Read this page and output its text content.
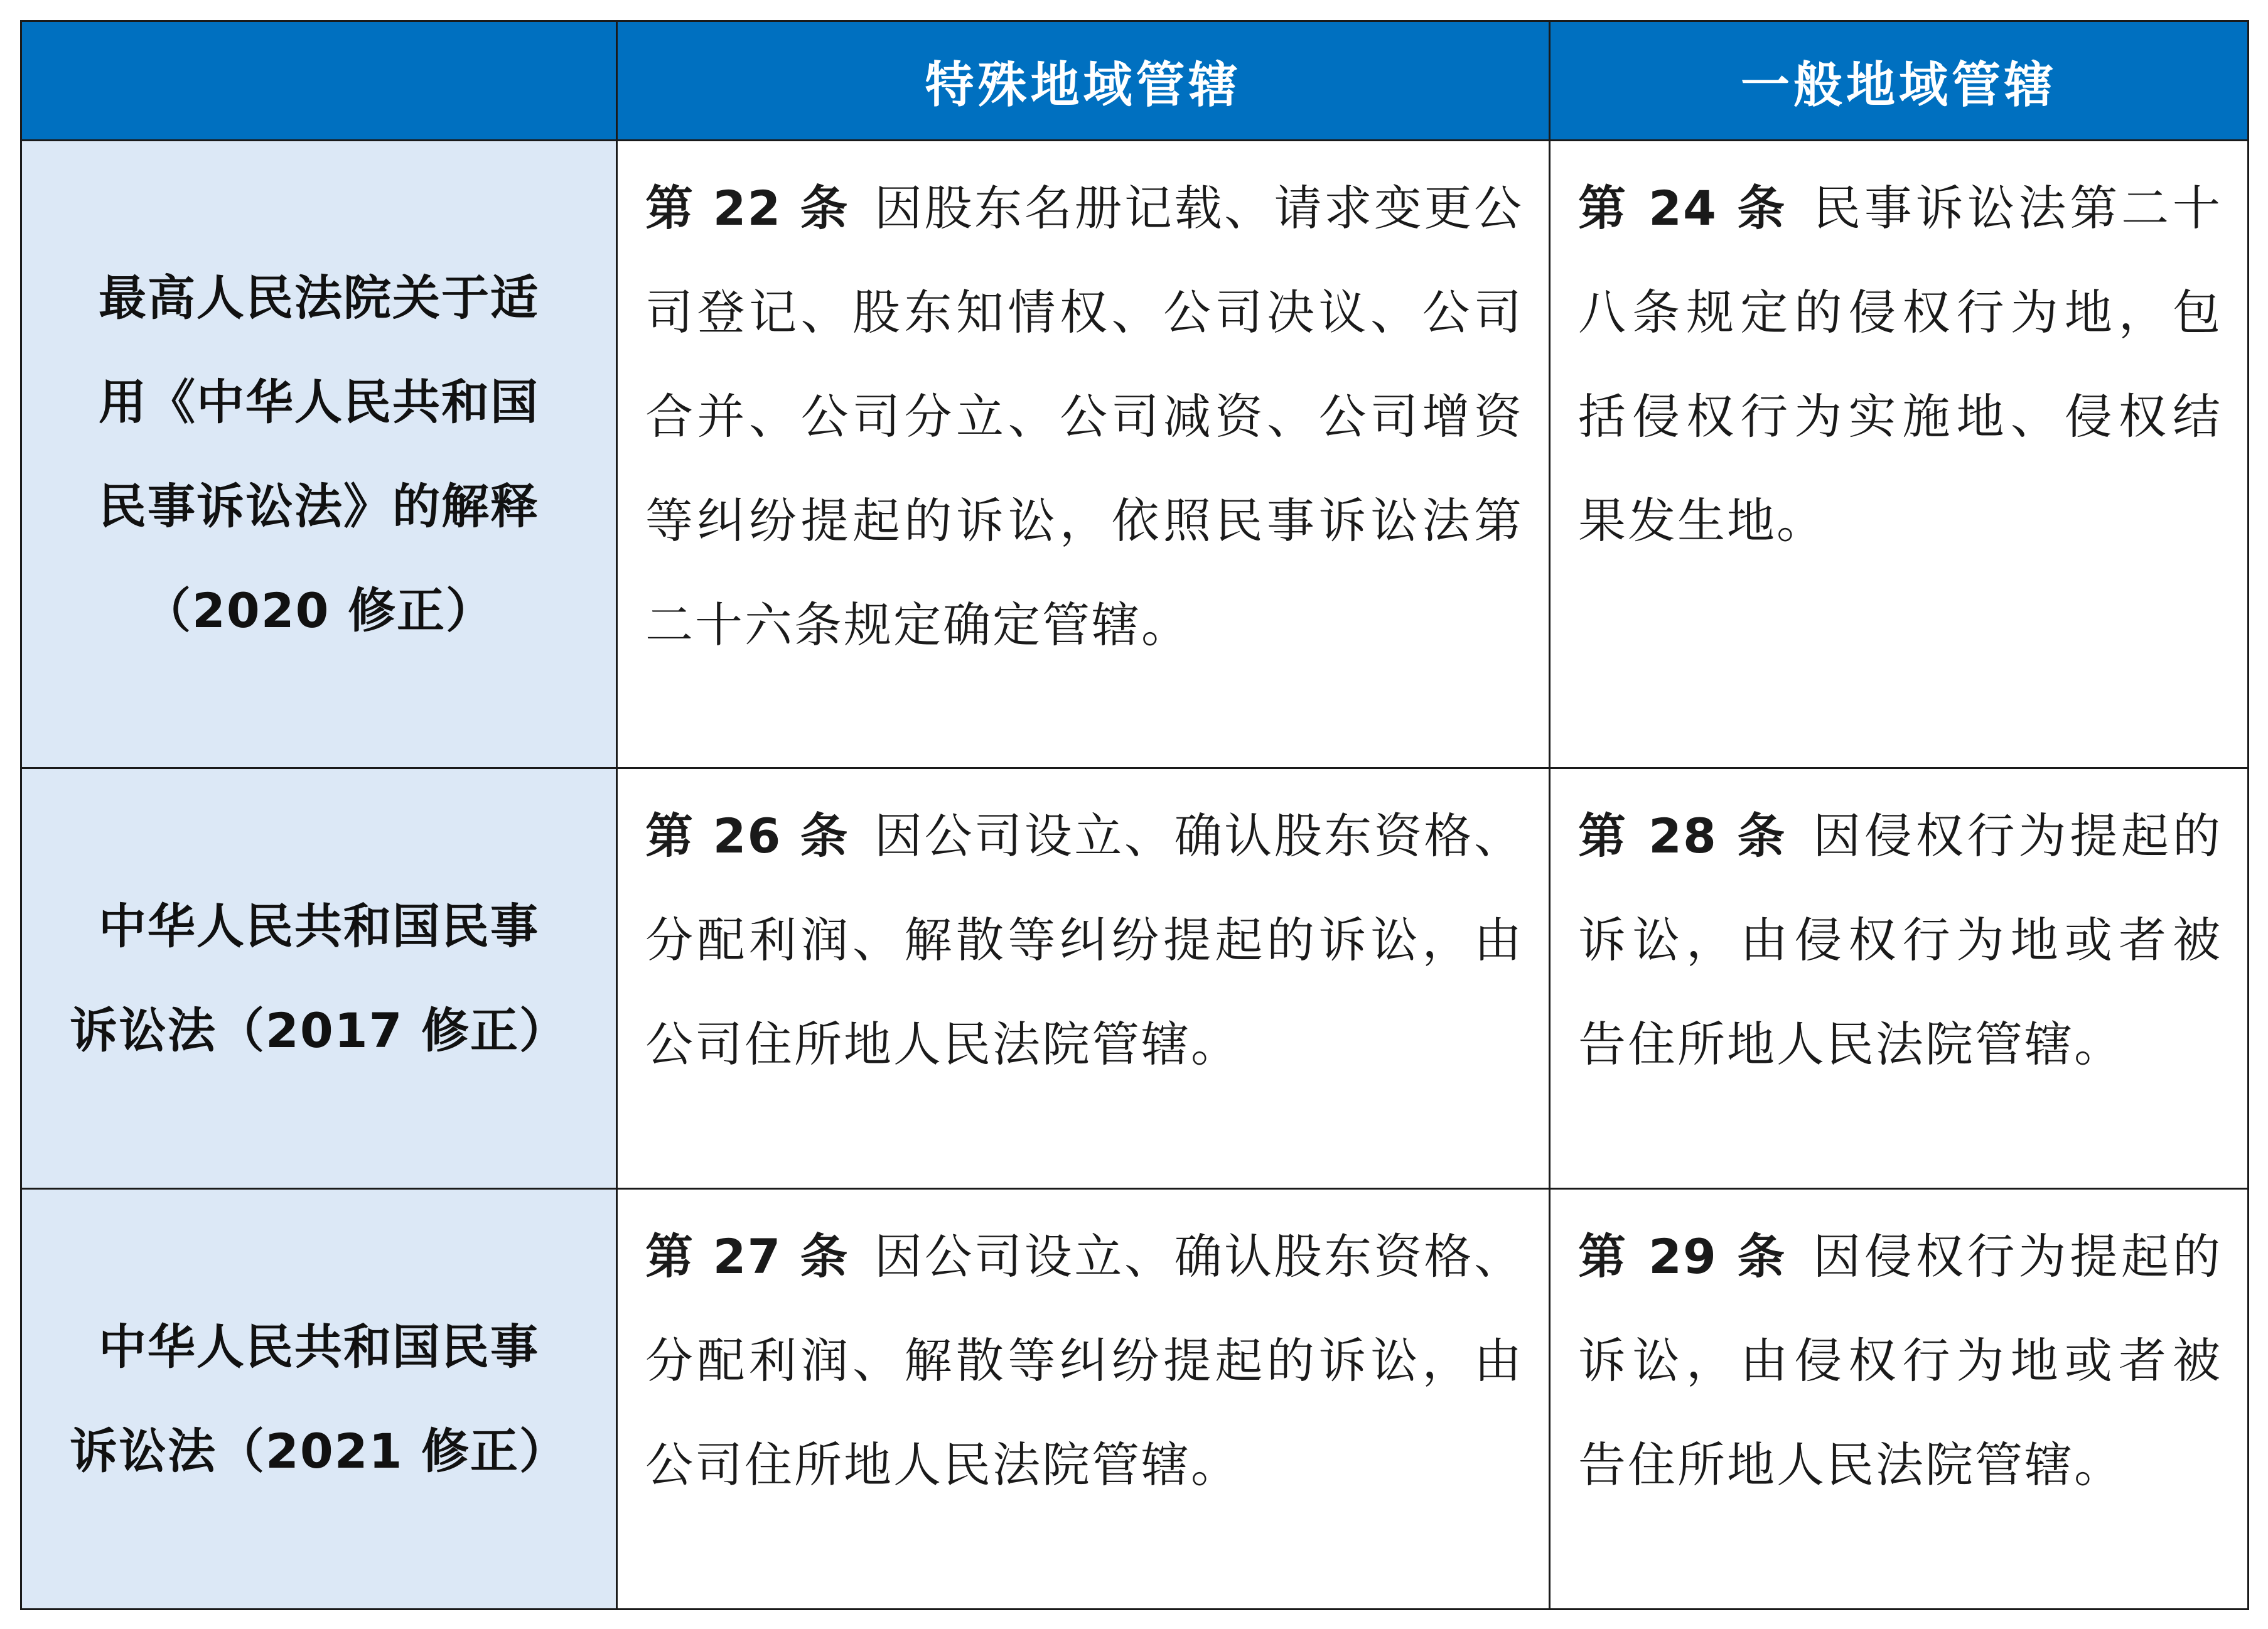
	特殊地域管辖	一般地域管辖

最高人民法院关于适
用《中华人民共和国
民事诉讼法》的解释
（2020 修正）	第 22 条 因股东名册记载、请求变更公司登记、股东知情权、公司决议、公司合并、公司分立、公司减资、公司增资等纠纷提起的诉讼，依照民事诉讼法第二十六条规定确定管辖。	第 24 条 民事诉讼法第二十八条规定的侵权行为地，包括侵权行为实施地、侵权结果发生地。

中华人民共和国民事
诉讼法（2017 修正）	第 26 条 因公司设立、确认股东资格、分配利润、解散等纠纷提起的诉讼，由公司住所地人民法院管辖。	第 28 条 因侵权行为提起的诉讼，由侵权行为地或者被告住所地人民法院管辖。

中华人民共和国民事
诉讼法（2021 修正）	第 27 条 因公司设立、确认股东资格、分配利润、解散等纠纷提起的诉讼，由公司住所地人民法院管辖。	第 29 条 因侵权行为提起的诉讼，由侵权行为地或者被告住所地人民法院管辖。
